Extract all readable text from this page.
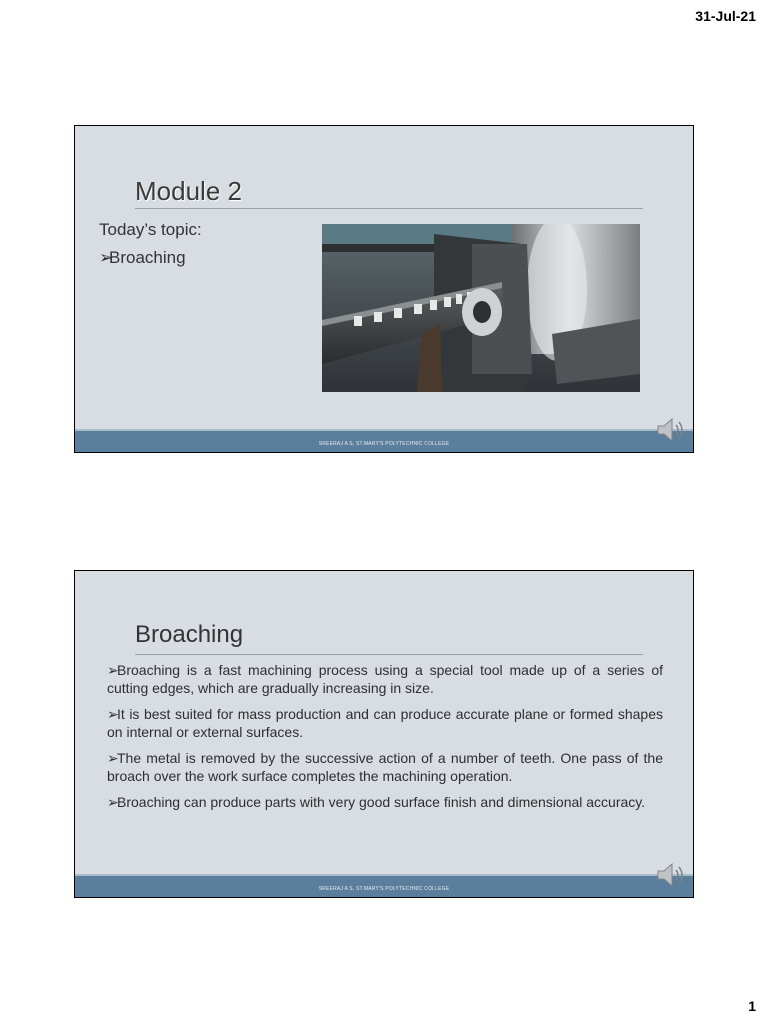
31-Jul-21
Module 2
Today’s topic:
➢Broaching
SREERAJ A S, ST.MARY'S POLYTECHNIC COLLEGE
Broaching
➢Broaching is a fast machining process using a special tool made up of a series of cutting edges, which are gradually increasing in size.
➢It is best suited for mass production and can produce accurate plane or formed shapes on internal or external surfaces.
➢The metal is removed by the successive action of a number of teeth. One pass of the broach over the work surface completes the machining operation.
➢Broaching can produce parts with very good surface finish and dimensional accuracy.
SREERAJ A S, ST.MARY'S POLYTECHNIC COLLEGE
1
